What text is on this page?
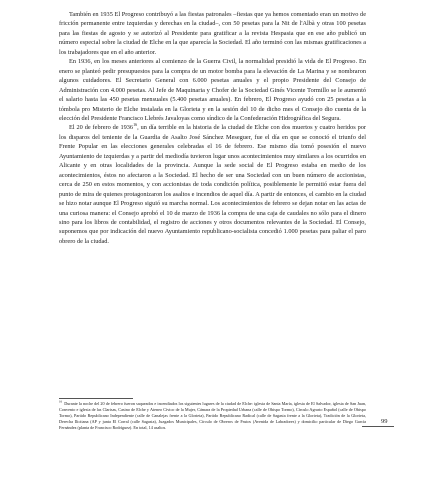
También en 1935 El Progreso contribuyó a las fiestas patronales –fiestas que ya hemos comentado eran un motivo de fricción permanente entre izquierdas y derechas en la ciudad–, con 50 pesetas para la Nit de l'Albà y otras 100 pesetas para las fiestas de agosto y se autorizó al Presidente para gratificar a la revista Hespasia que en ese año publicó un número especial sobre la ciudad de Elche en la que aparecía la Sociedad. El año terminó con las mismas gratificaciones a los trabajadores que en el año anterior.

En 1936, en los meses anteriores al comienzo de la Guerra Civil, la normalidad presidió la vida de El Progreso. En enero se planteó pedir presupuestos para la compra de un motor bomba para la elevación de La Marina y se nombraron algunos cuidadores. El Secretario General con 6.000 pesetas anuales y el propio Presidente del Consejo de Administración con 4.000 pesetas. Al Jefe de Maquinaria y Chofer de la Sociedad Ginés Vicente Tormillo se le aumentó el salario hasta las 450 pesetas mensuales (5.400 pesetas anuales). En febrero, El Progreso ayudó con 25 pesetas a la tómbola pro Misterio de Elche instalada en la Glorieta y en la sesión del 10 de dicho mes el Consejo dio cuenta de la elección del Presidente Francisco Llebrés Javaloyas como síndico de la Confederación Hidrográfica del Segura.

El 20 de febrero de 1936$^{16}$, un día terrible en la historia de la ciudad de Elche con dos muertos y cuatro heridos por los disparos del teniente de la Guardia de Asalto José Sánchez Meseguer, fue el día en que se conoció el triunfo del Frente Popular en las elecciones generales celebradas el 16 de febrero. Ese mismo día tomó posesión el nuevo Ayuntamiento de izquierdas y a partir del mediodía tuvieron lugar unos acontecimientos muy similares a los ocurridos en Alicante y en otras localidades de la provincia. Aunque la sede social de El Progreso estaba en medio de los acontecimientos, éstos no afectaron a la Sociedad. El hecho de ser una Sociedad con un buen número de accionistas, cerca de 250 en estos momentos, y con accionistas de toda condición política, posiblemente le permitió estar fuera del punto de mira de quienes protagonizaron los asaltos e incendios de aquel día. A partir de entonces, el cambio en la ciudad se hizo notar aunque El Progreso siguió su marcha normal. Los acontecimientos de febrero se dejan notar en las actas de una curiosa manera: el Consejo aprobó el 10 de marzo de 1936 la compra de una caja de caudales no sólo para el dinero sino para los libros de contabilidad, el registro de acciones y otros documentos relevantes de la Sociedad. El Consejo, suponemos que por indicación del nuevo Ayuntamiento republicano-socialista concedió 1.000 pesetas para paliar el paro obrero de la ciudad.

$^{16}$ Durante la noche del 20 de febrero fueron saqueados e incendiados los siguientes lugares de la ciudad de Elche: iglesia de Santa María, iglesia de El Salvador, iglesia de San Juan, Convento e iglesia de las Clarisas, Casino de Elche y Ateneo Cívico de la Mujer, Cámara de la Propiedad Urbana (calle de Obispo Tormo), Círculo Agrario Español (calle de Obispo Tormo), Partido Republicano Independiente (calle de Canalejas frente a la Glorieta), Partido Republicano Radical (calle de Sagasta frente a la Glorieta), Tradición de la Glorieta, Derecha Ilicitana (AP y junta El Corral (calle Sagasta), Juzgados Municipales, Círculo de Obreros de Frutos (Avenida de Labradores) y domicilio particular de Diego García Fernández (planta de Francisco Rodríguez). En total, 14 asaltos.

99
